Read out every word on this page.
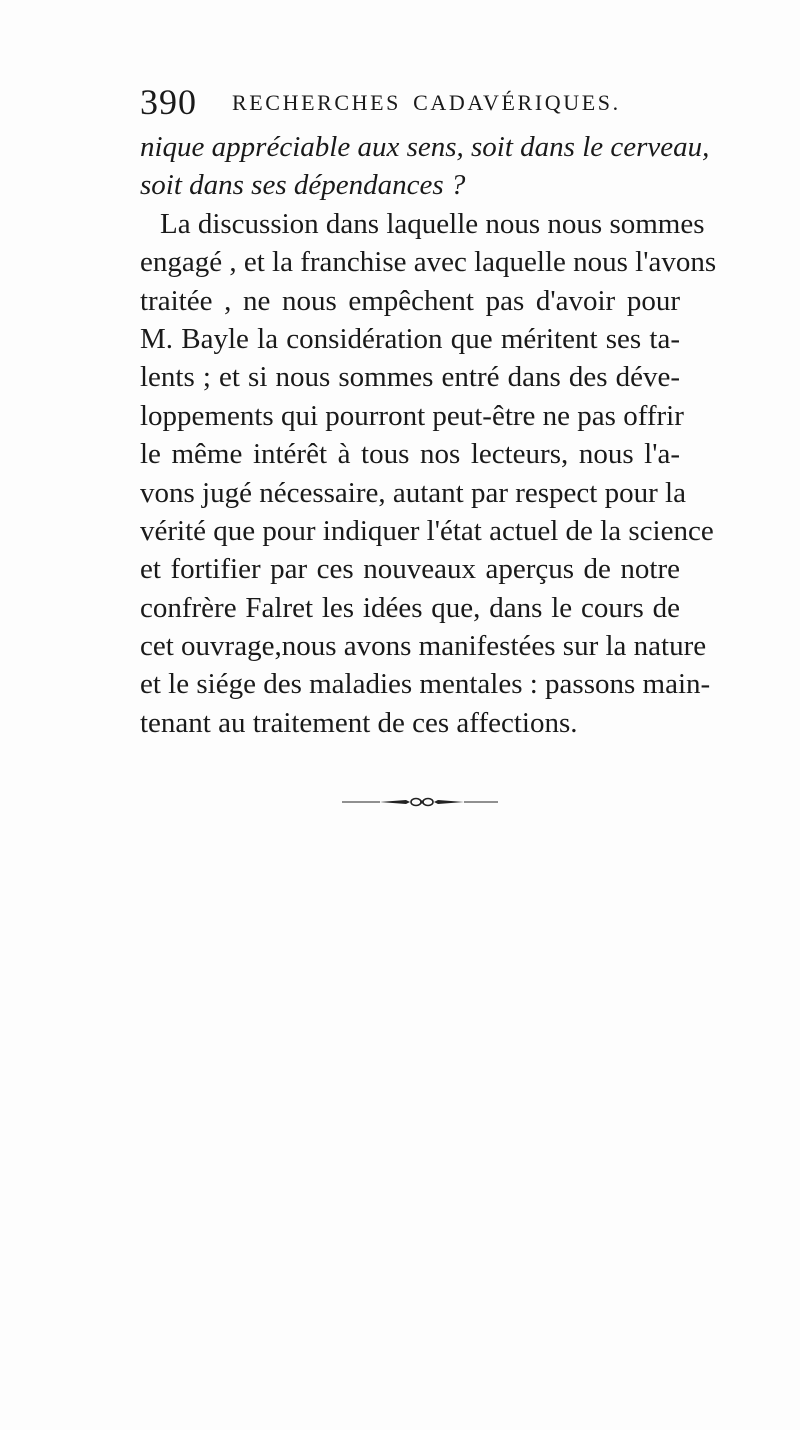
390 RECHERCHES CADAVÉRIQUES.
nique appréciable aux sens, soit dans le cerveau,
soit dans ses dépendances ?
La discussion dans laquelle nous nous sommes
engagé , et la franchise avec laquelle nous l'avons
traitée , ne nous empêchent pas d'avoir pour
M. Bayle la considération que méritent ses ta-
lents ; et si nous sommes entré dans des déve-
loppements qui pourront peut-être ne pas offrir
le même intérêt à tous nos lecteurs, nous l'a-
vons jugé nécessaire, autant par respect pour la
vérité que pour indiquer l'état actuel de la science
et fortifier par ces nouveaux aperçus de notre
confrère Falret les idées que, dans le cours de
cet ouvrage,nous avons manifestées sur la nature
et le siége des maladies mentales : passons main-
tenant au traitement de ces affections.
